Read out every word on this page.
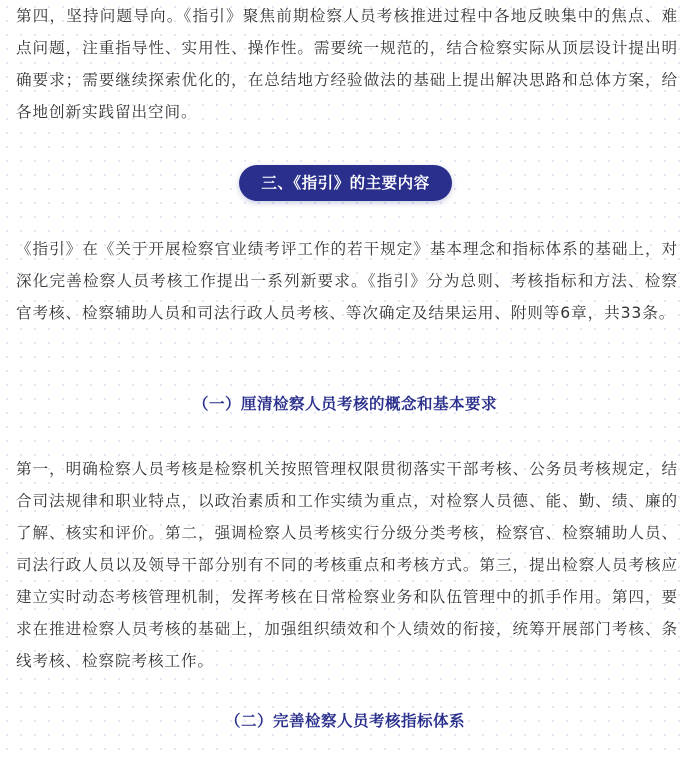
第四，坚持问题导向。《指引》聚焦前期检察人员考核推进过程中各地反映集中的焦点、难点问题，注重指导性、实用性、操作性。需要统一规范的，结合检察实际从顶层设计提出明确要求；需要继续探索优化的，在总结地方经验做法的基础上提出解决思路和总体方案，给各地创新实践留出空间。

三、《指引》的主要内容

《指引》在《关于开展检察官业绩考评工作的若干规定》基本理念和指标体系的基础上，对深化完善检察人员考核工作提出一系列新要求。《指引》分为总则、考核指标和方法、检察官考核、检察辅助人员和司法行政人员考核、等次确定及结果运用、附则等6章，共33条。

（一）厘清检察人员考核的概念和基本要求

第一，明确检察人员考核是检察机关按照管理权限贯彻落实干部考核、公务员考核规定，结合司法规律和职业特点，以政治素质和工作实绩为重点，对检察人员德、能、勤、绩、廉的了解、核实和评价。第二，强调检察人员考核实行分级分类考核，检察官、检察辅助人员、司法行政人员以及领导干部分别有不同的考核重点和考核方式。第三，提出检察人员考核应建立实时动态考核管理机制，发挥考核在日常检察业务和队伍管理中的抓手作用。第四，要求在推进检察人员考核的基础上，加强组织绩效和个人绩效的衔接，统筹开展部门考核、条线考核、检察院考核工作。

（二）完善检察人员考核指标体系
